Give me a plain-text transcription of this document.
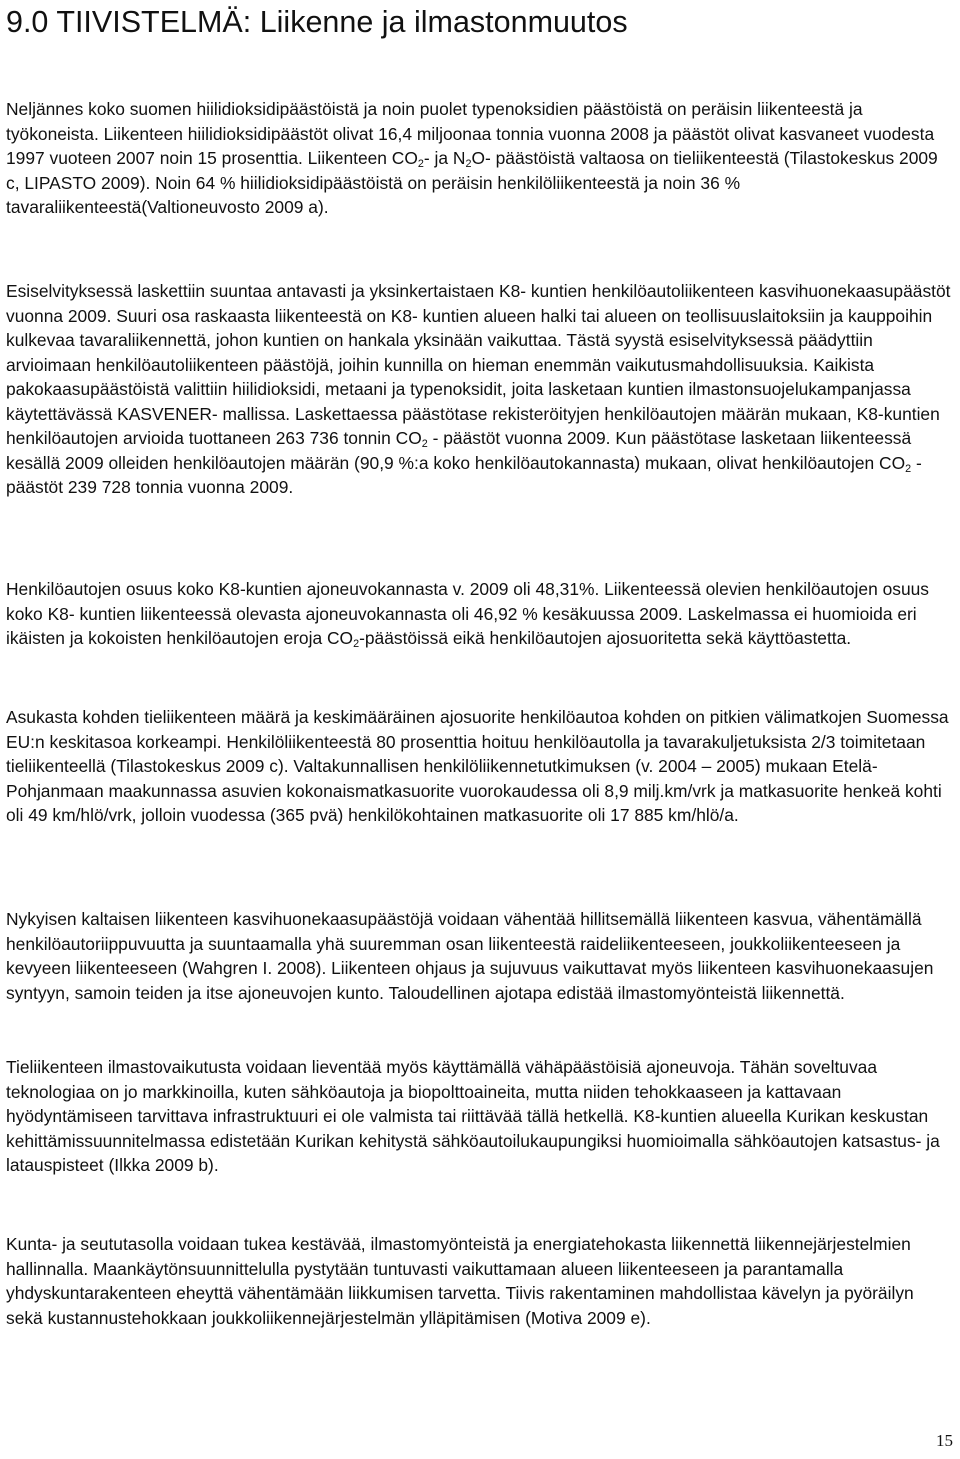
9.0 TIIVISTELMÄ: Liikenne ja ilmastonmuutos

Neljännes koko suomen hiilidioksidipäästöistä ja noin puolet typenoksidien päästöistä on peräisin liikenteestä ja työkoneista. Liikenteen hiilidioksidipäästöt olivat 16,4 miljoonaa tonnia vuonna 2008 ja päästöt olivat kasvaneet vuodesta 1997 vuoteen 2007 noin 15 prosenttia. Liikenteen $CO_2-$ ja $N_2O-$ päästöistä valtaosa on tieliikenteestä (Tilastokeskus 2009 c, LIPASTO 2009). Noin 64 % hiilidioksidipäästöistä on peräisin henkilöliikenteestä ja noin 36 % tavaraliikenteestä(Valtioneuvosto 2009 a).

Esiselvityksessä laskettiin suuntaa antavasti ja yksinkertaistaen K8- kuntien henkilöautoliikenteen kasvihuonekaasupäästöt vuonna 2009. Suuri osa raskaasta liikenteestä on K8- kuntien alueen halki tai alueen on teollisuuslaitoksiin ja kauppoihin kulkevaa tavaraliikennettä, johon kuntien on hankala yksinään vaikuttaa. Tästä syystä esiselvityksessä päädyttiin arvioimaan henkilöautoliikenteen päästöjä, joihin kunnilla on hieman enemmän vaikutusmahdollisuuksia. Kaikista pakokaasupäästöistä valittiin hiilidioksidi, metaani ja typenoksidit, joita lasketaan kuntien ilmastonsuojelukampanjassa käytettävässä KASVENER- mallissa. Laskettaessa päästötase rekisteröityjen henkilöautojen määrän mukaan, K8-kuntien henkilöautojen arvioida tuottaneen 263 736 tonnin $CO_2$ - päästöt vuonna 2009. Kun päästötase lasketaan liikenteessä kesällä 2009 olleiden henkilöautojen määrän (90,9 %:a koko henkilöautokannasta) mukaan, olivat henkilöautojen $CO_2$ - päästöt 239 728 tonnia vuonna 2009.

Henkilöautojen osuus koko K8-kuntien ajoneuvokannasta v. 2009 oli 48,31%. Liikenteessä olevien henkilöautojen osuus koko K8- kuntien liikenteessä olevasta ajoneuvokannasta oli 46,92 % kesäkuussa 2009. Laskelmassa ei huomioida eri ikäisten ja kokoisten henkilöautojen eroja $CO_2$-päästöissä eikä henkilöautojen ajosuoritetta sekä käyttöastetta.

Asukasta kohden tieliikenteen määrä ja keskimääräinen ajosuorite henkilöautoa kohden on pitkien välimatkojen Suomessa EU:n keskitasoa korkeampi. Henkilöliikenteestä 80 prosenttia hoituu henkilöautolla ja tavarakuljetuksista 2/3 toimitetaan tieliikenteellä (Tilastokeskus 2009 c). Valtakunnallisen henkilöliikennetutkimuksen (v. 2004 – 2005) mukaan Etelä-Pohjanmaan maakunnassa asuvien kokonaismatkasuorite vuorokaudessa oli 8,9 milj.km/vrk ja matkasuorite henkeä kohti oli 49 km/hlö/vrk, jolloin vuodessa (365 pvä) henkilökohtainen matkasuorite oli 17 885 km/hlö/a.

Nykyisen kaltaisen liikenteen kasvihuonekaasupäästöjä voidaan vähentää hillitsemällä liikenteen kasvua, vähentämällä henkilöautoriippuvuutta ja suuntaamalla yhä suuremman osan liikenteestä raideliikenteeseen, joukkoliikenteeseen ja kevyeen liikenteeseen (Wahgren I. 2008). Liikenteen ohjaus ja sujuvuus vaikuttavat myös liikenteen kasvihuonekaasujen syntyyn, samoin teiden ja itse ajoneuvojen kunto. Taloudellinen ajotapa edistää ilmastomyönteistä liikennettä.

Tieliikenteen ilmastovaikutusta voidaan lieventää myös käyttämällä vähäpäästöisiä ajoneuvoja. Tähän soveltuvaa teknologiaa on jo markkinoilla, kuten sähköautoja ja biopolttoaineita, mutta niiden tehokkaaseen ja kattavaan hyödyntämiseen tarvittava infrastruktuuri ei ole valmista tai riittävää tällä hetkellä. K8-kuntien alueella Kurikan keskustan kehittämissuunnitelmassa edistetään Kurikan kehitystä sähköautoilukaupungiksi huomioimalla sähköautojen katsastus- ja latauspisteet (Ilkka 2009 b).

Kunta- ja seututasolla voidaan tukea kestävää, ilmastomyönteistä ja energiatehokasta liikennettä liikennejärjestelmien hallinnalla. Maankäytönsuunnittelulla pystytään tuntuvasti vaikuttamaan alueen liikenteeseen ja parantamalla yhdyskuntarakenteen eheyttä vähentämään liikkumisen tarvetta. Tiivis rakentaminen mahdollistaa kävelyn ja pyöräilyn sekä kustannustehokkaan joukkoliikennejärjestelmän ylläpitämisen (Motiva 2009 e).

15
